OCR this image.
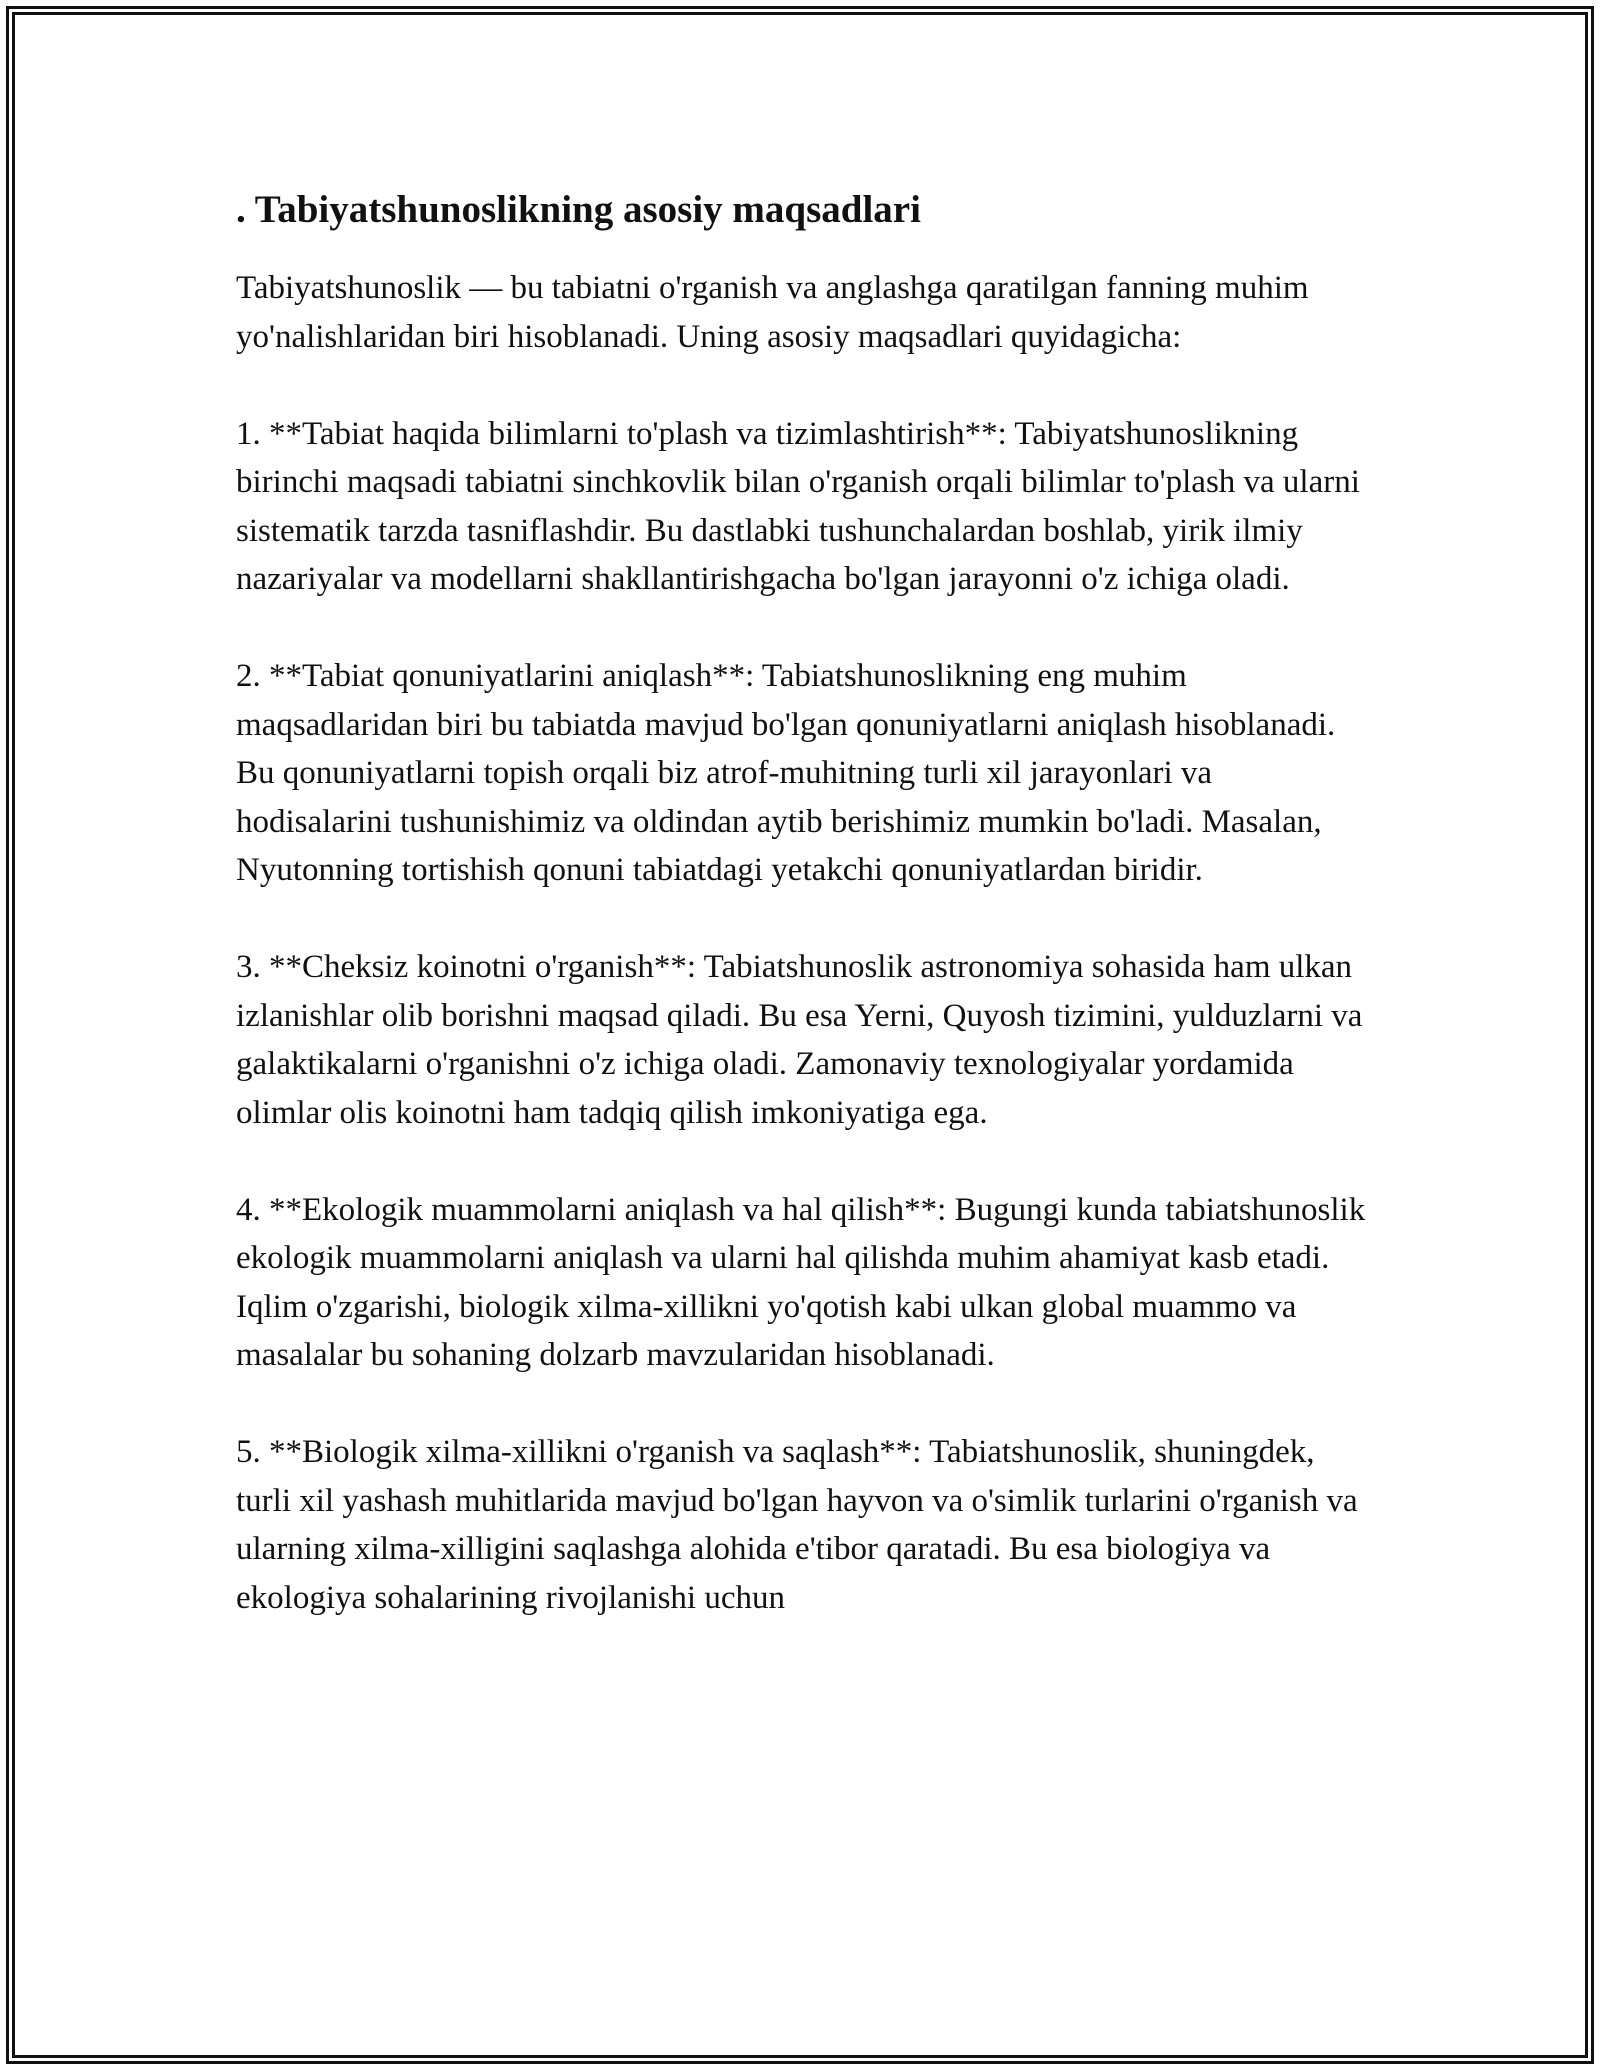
. Tabiyatshunoslikning asosiy maqsadlari

Tabiyatshunoslik — bu tabiatni o'rganish va anglashga qaratilgan fanning muhim yo'nalishlaridan biri hisoblanadi. Uning asosiy maqsadlari quyidagicha:

1. **Tabiat haqida bilimlarni to'plash va tizimlashtirish**: Tabiyatshunoslikning birinchi maqsadi tabiatni sinchkovlik bilan o'rganish orqali bilimlar to'plash va ularni sistematik tarzda tasniflashdir. Bu dastlabki tushunchalardan boshlab, yirik ilmiy nazariyalar va modellarni shakllantirishgacha bo'lgan jarayonni o'z ichiga oladi.

2. **Tabiat qonuniyatlarini aniqlash**: Tabiatshunoslikning eng muhim maqsadlaridan biri bu tabiatda mavjud bo'lgan qonuniyatlarni aniqlash hisoblanadi. Bu qonuniyatlarni topish orqali biz atrof-muhitning turli xil jarayonlari va hodisalarini tushunishimiz va oldindan aytib berishimiz mumkin bo'ladi. Masalan, Nyutonning tortishish qonuni tabiatdagi yetakchi qonuniyatlardan biridir.

3. **Cheksiz koinotni o'rganish**: Tabiatshunoslik astronomiya sohasida ham ulkan izlanishlar olib borishni maqsad qiladi. Bu esa Yerni, Quyosh tizimini, yulduzlarni va galaktikalarni o'rganishni o'z ichiga oladi. Zamonaviy texnologiyalar yordamida olimlar olis koinotni ham tadqiq qilish imkoniyatiga ega.

4. **Ekologik muammolarni aniqlash va hal qilish**: Bugungi kunda tabiatshunoslik ekologik muammolarni aniqlash va ularni hal qilishda muhim ahamiyat kasb etadi. Iqlim o'zgarishi, biologik xilma-xillikni yo'qotish kabi ulkan global muammo va masalalar bu sohaning dolzarb mavzularidan hisoblanadi.

5. **Biologik xilma-xillikni o'rganish va saqlash**: Tabiatshunoslik, shuningdek, turli xil yashash muhitlarida mavjud bo'lgan hayvon va o'simlik turlarini o'rganish va ularning xilma-xilligini saqlashga alohida e'tibor qaratadi. Bu esa biologiya va ekologiya sohalarining rivojlanishi uchun
